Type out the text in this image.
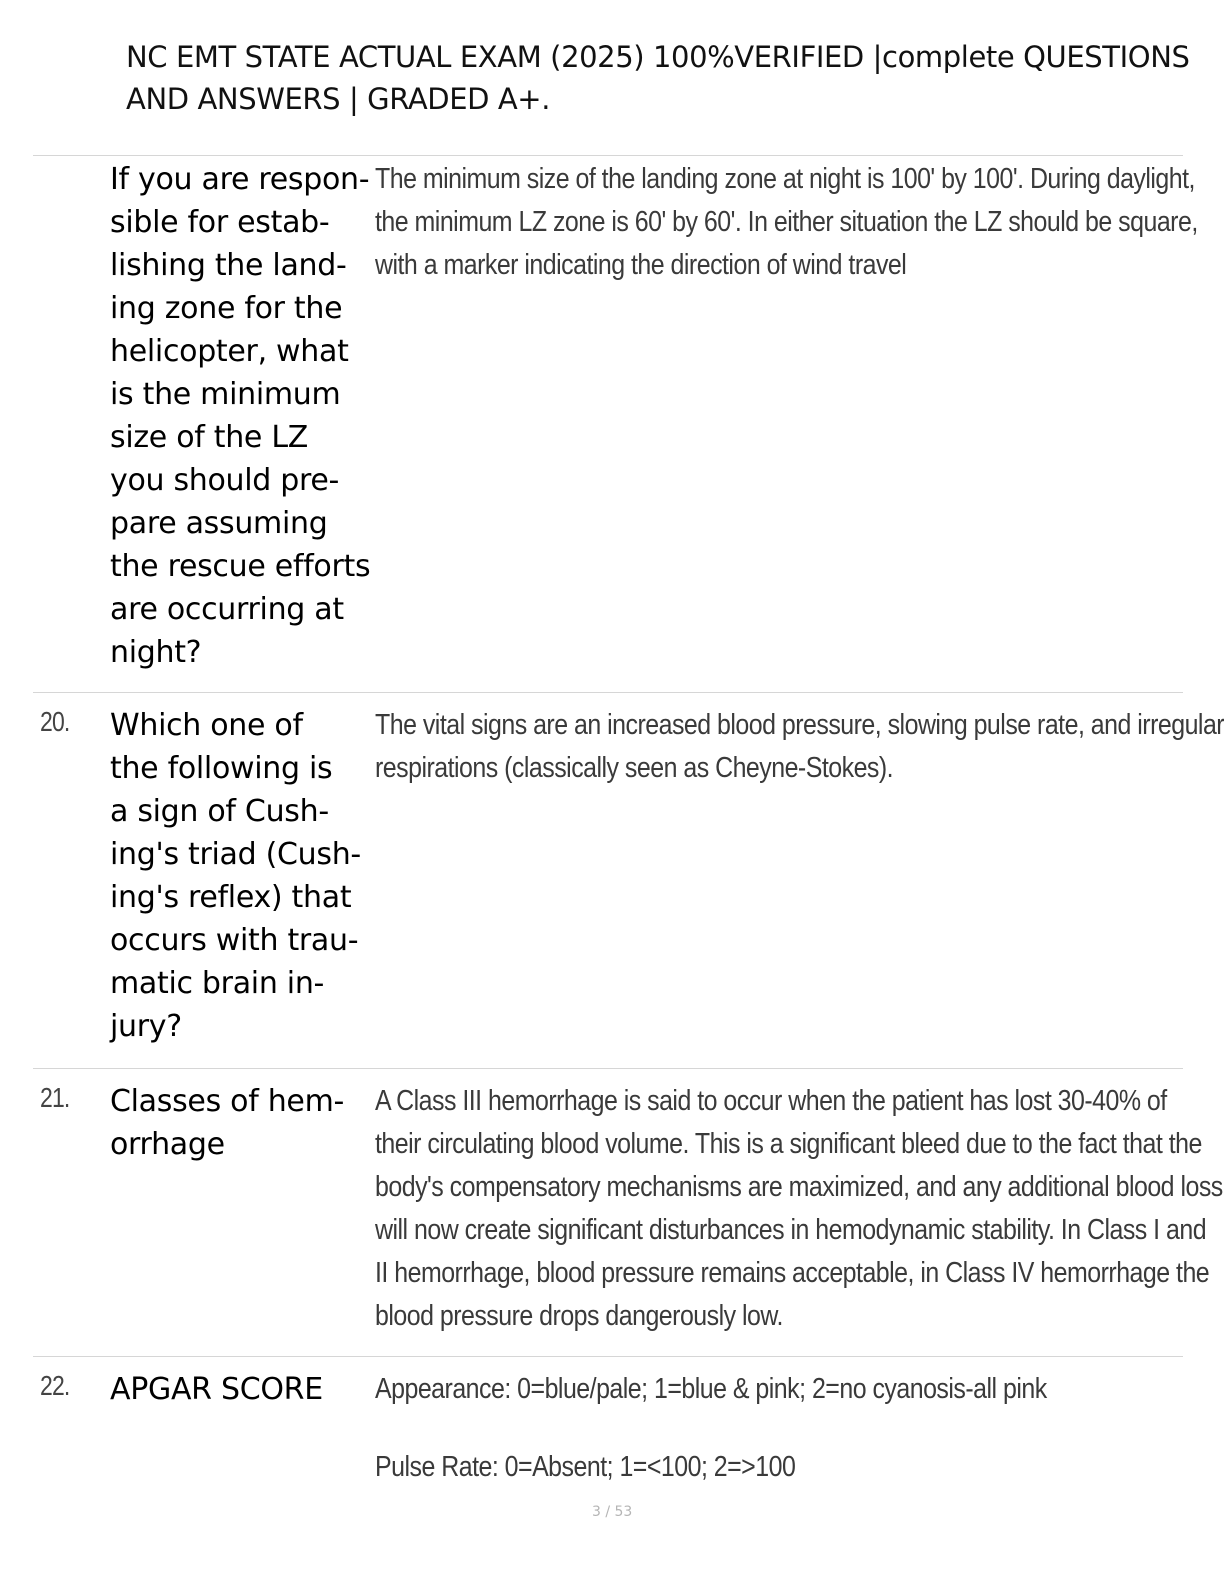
NC EMT STATE ACTUAL EXAM (2025) 100%VERIFIED |complete QUESTIONS
AND ANSWERS | GRADED A+.
If you are respon-
sible for estab-
lishing the land-
ing zone for the
helicopter, what
is the minimum
size of the LZ
you should pre-
pare assuming
the rescue efforts
are occurring at
night?
The minimum size of the landing zone at night is 100' by 100'. During daylight,
the minimum LZ zone is 60' by 60'. In either situation the LZ should be square,
with a marker indicating the direction of wind travel
20. Which one of
the following is
a sign of Cush-
ing's triad (Cush-
ing's reflex) that
occurs with trau-
matic brain in-
jury?
The vital signs are an increased blood pressure, slowing pulse rate, and irregular
respirations (classically seen as Cheyne-Stokes).
21. Classes of hem-
orrhage
A Class III hemorrhage is said to occur when the patient has lost 30-40% of
their circulating blood volume. This is a significant bleed due to the fact that the
body's compensatory mechanisms are maximized, and any additional blood loss
will now create significant disturbances in hemodynamic stability. In Class I and
II hemorrhage, blood pressure remains acceptable, in Class IV hemorrhage the
blood pressure drops dangerously low.
22. APGAR SCORE	Appearance: 0=blue/pale; 1=blue & pink; 2=no cyanosis-all pink
Pulse Rate: 0=Absent; 1=<100; 2=>100
3 / 53
